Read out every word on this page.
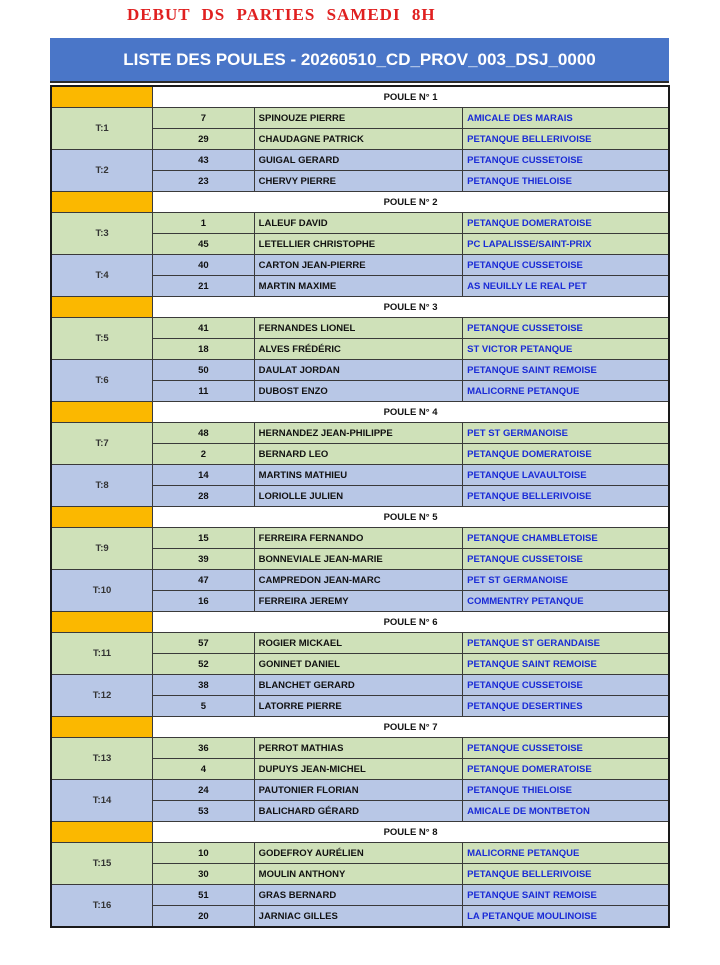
DEBUT DS PARTIES SAMEDI 8H
LISTE DES POULES - 20260510_CD_PROV_003_DSJ_0000
	POULE N° 1		
T:1	7	SPINOUZE PIERRE	AMICALE DES MARAIS
	29	CHAUDAGNE PATRICK	PETANQUE BELLERIVOISE
T:2	43	GUIGAL GERARD	PETANQUE CUSSETOISE
	23	CHERVY PIERRE	PETANQUE THIELOISE
	POULE N° 2		
T:3	1	LALEUF DAVID	PETANQUE DOMERATOISE
	45	LETELLIER CHRISTOPHE	PC LAPALISSE/SAINT-PRIX
T:4	40	CARTON JEAN-PIERRE	PETANQUE CUSSETOISE
	21	MARTIN MAXIME	AS NEUILLY LE REAL PET
	POULE N° 3		
T:5	41	FERNANDES LIONEL	PETANQUE CUSSETOISE
	18	ALVES FRÉDÉRIC	ST VICTOR PETANQUE
T:6	50	DAULAT JORDAN	PETANQUE SAINT REMOISE
	11	DUBOST ENZO	MALICORNE PETANQUE
	POULE N° 4		
T:7	48	HERNANDEZ JEAN-PHILIPPE	PET ST GERMANOISE
	2	BERNARD LEO	PETANQUE DOMERATOISE
T:8	14	MARTINS MATHIEU	PETANQUE LAVAULTOISE
	28	LORIOLLE JULIEN	PETANQUE BELLERIVOISE
	POULE N° 5		
T:9	15	FERREIRA FERNANDO	PETANQUE CHAMBLETOISE
	39	BONNEVIALE JEAN-MARIE	PETANQUE CUSSETOISE
T:10	47	CAMPREDON JEAN-MARC	PET ST GERMANOISE
	16	FERREIRA JEREMY	COMMENTRY PETANQUE
	POULE N° 6		
T:11	57	ROGIER MICKAEL	PETANQUE ST GERANDAISE
	52	GONINET DANIEL	PETANQUE SAINT REMOISE
T:12	38	BLANCHET GERARD	PETANQUE CUSSETOISE
	5	LATORRE PIERRE	PETANQUE DESERTINES
	POULE N° 7		
T:13	36	PERROT MATHIAS	PETANQUE CUSSETOISE
	4	DUPUYS JEAN-MICHEL	PETANQUE DOMERATOISE
T:14	24	PAUTONIER FLORIAN	PETANQUE THIELOISE
	53	BALICHARD GÉRARD	AMICALE DE MONTBETON
	POULE N° 8		
T:15	10	GODEFROY AURÉLIEN	MALICORNE PETANQUE
	30	MOULIN ANTHONY	PETANQUE BELLERIVOISE
T:16	51	GRAS BERNARD	PETANQUE SAINT REMOISE
	20	JARNIAC GILLES	LA PETANQUE MOULINOISE
